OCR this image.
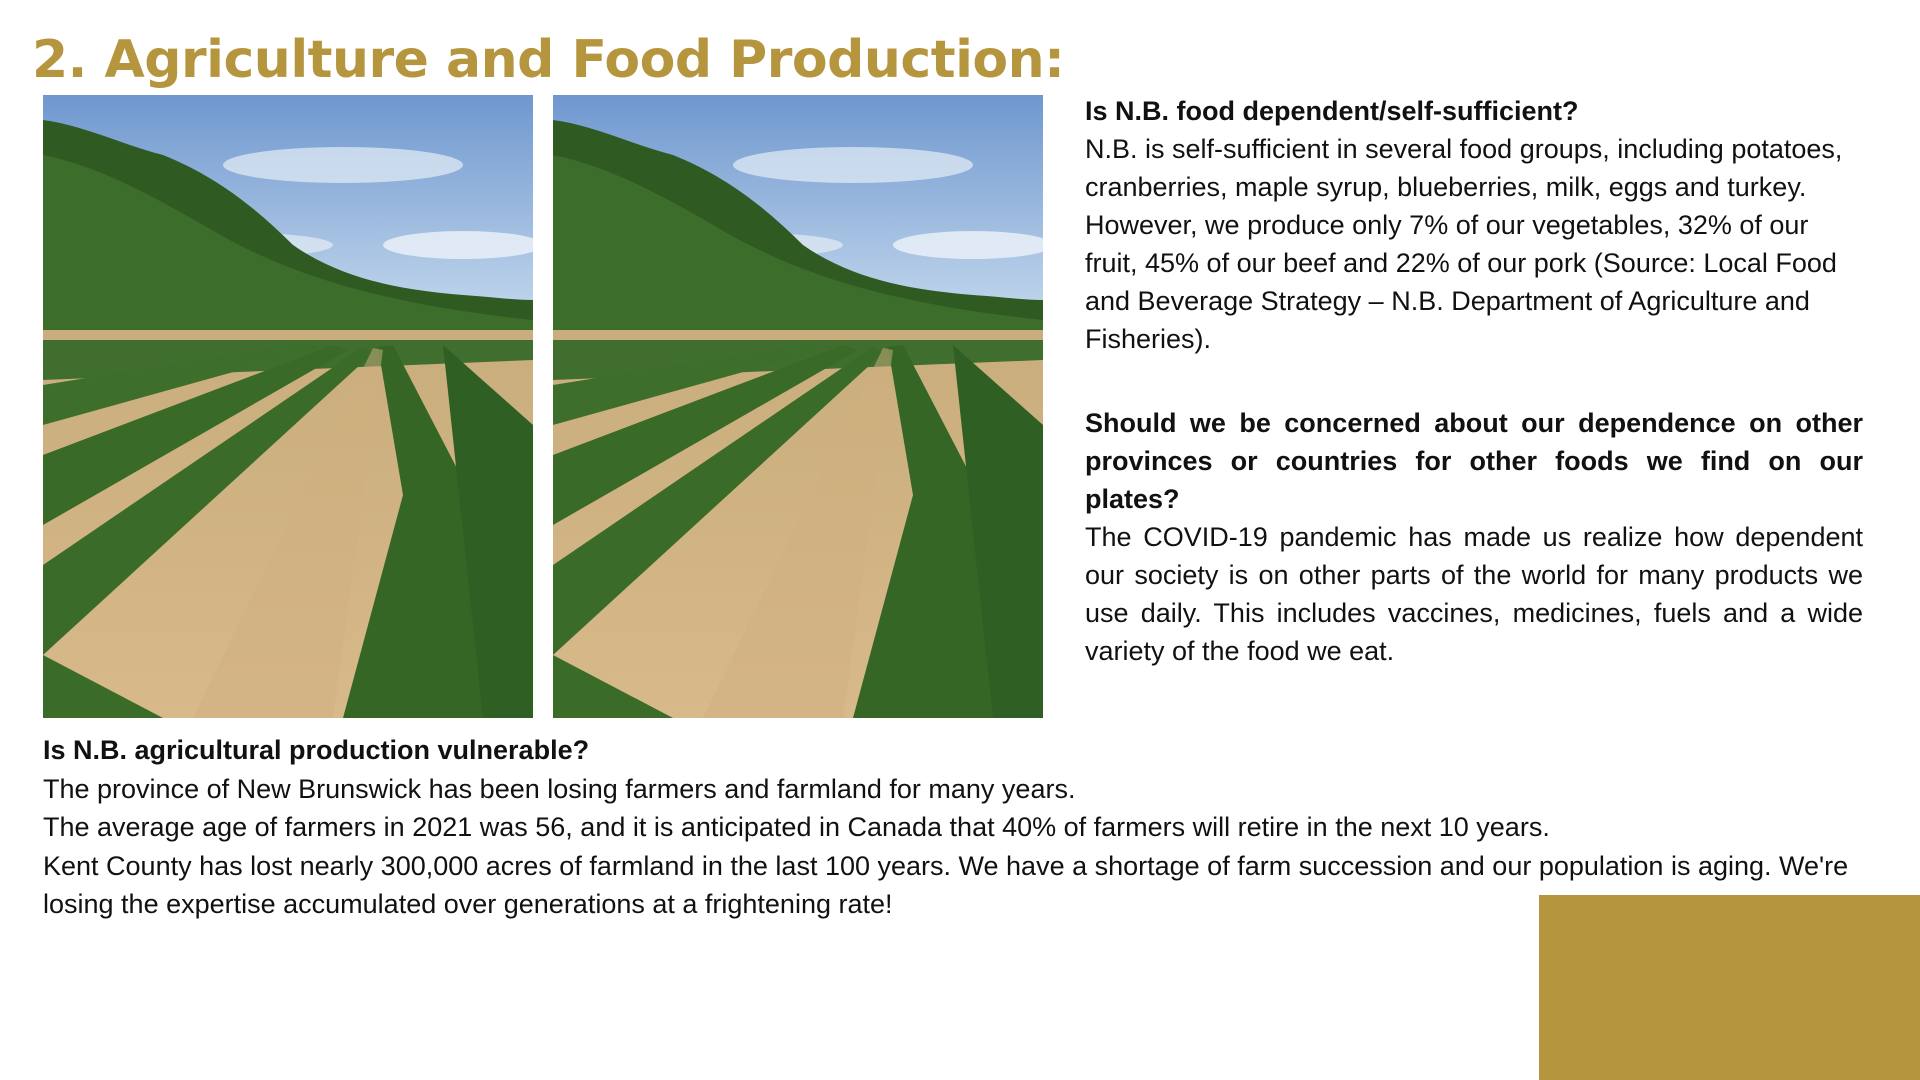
2. Agriculture and Food Production:

Is N.B. food dependent/self-sufficient?

N.B. is self-sufficient in several food groups, including potatoes, cranberries, maple syrup, blueberries, milk, eggs and turkey. However, we produce only 7% of our vegetables, 32% of our fruit, 45% of our beef and 22% of our pork (Source: Local Food and Beverage Strategy – N.B. Department of Agriculture and Fisheries).

Should we be concerned about our dependence on other provinces or countries for other foods we find on our plates?

The COVID-19 pandemic has made us realize how dependent our society is on other parts of the world for many products we use daily. This includes vaccines, medicines, fuels and a wide variety of the food we eat.

Is N.B. agricultural production vulnerable?

The province of New Brunswick has been losing farmers and farmland for many years.

The average age of farmers in 2021 was 56, and it is anticipated in Canada that 40% of farmers will retire in the next 10 years.

Kent County has lost nearly 300,000 acres of farmland in the last 100 years. We have a shortage of farm succession and our population is aging. We're losing the expertise accumulated over generations at a frightening rate!
